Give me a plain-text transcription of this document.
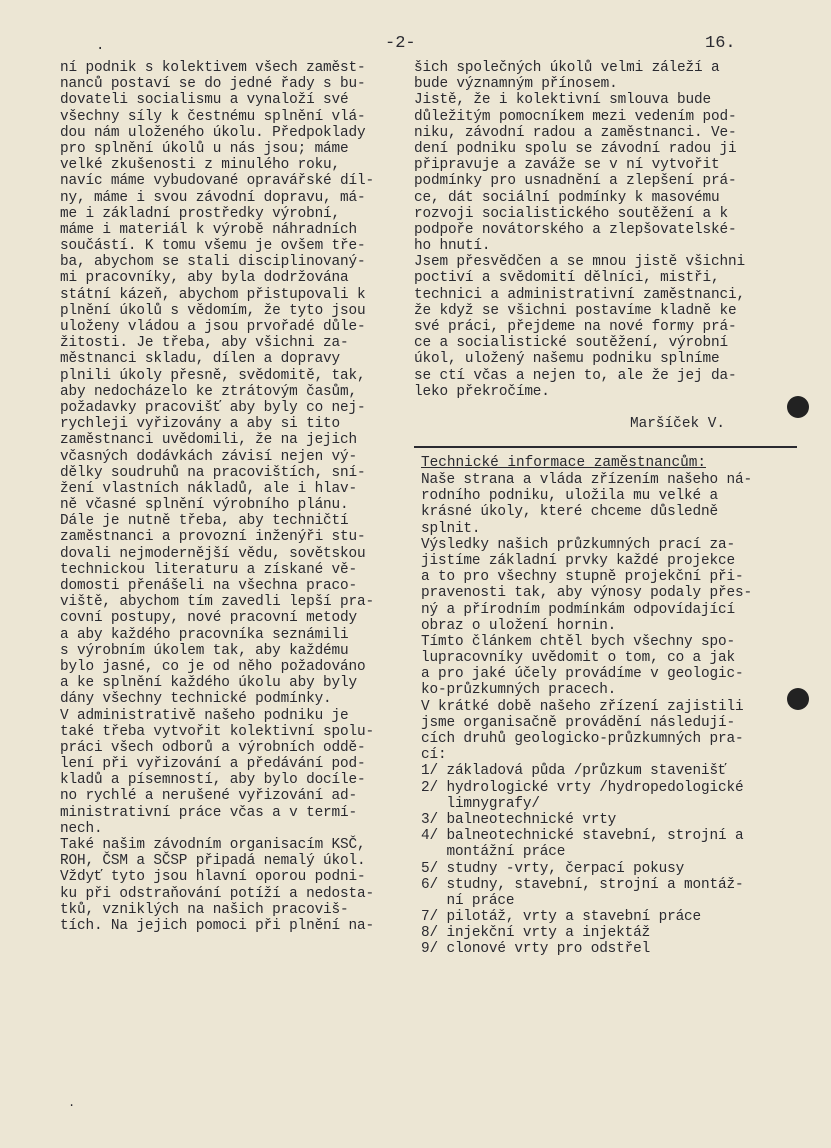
.	-2-	16.
ní podnik s kolektivem všech zaměst-
nanců postaví se do jedné řady s bu-
dovateli socialismu a vynaloží své
všechny síly k čestnému splnění vlá-
dou nám uloženého úkolu. Předpoklady
pro splnění úkolů u nás jsou; máme
velké zkušenosti z minulého roku,
navíc máme vybudované opravářské díl-
ny, máme i svou závodní dopravu, má-
me i základní prostředky výrobní,
máme i materiál k výrobě náhradních
součástí. K tomu všemu je ovšem tře-
ba, abychom se stali disciplinovaný-
mi pracovníky, aby byla dodržována
státní kázeň, abychom přistupovali k
plnění úkolů s vědomím, že tyto jsou
uloženy vládou a jsou prvořadé důle-
žitosti. Je třeba, aby všichni za-
městnanci skladu, dílen a dopravy
plnili úkoly přesně, svědomitě, tak,
aby nedocházelo ke ztrátovým časům,
požadavky pracovišť aby byly co nej-
rychleji vyřizovány a aby si tito
zaměstnanci uvědomili, že na jejich
včasných dodávkách závisí nejen vý-
dělky soudruhů na pracovištích, sní-
žení vlastních nákladů, ale i hlav-
ně včasné splnění výrobního plánu.
Dále je nutně třeba, aby techničtí
zaměstnanci a provozní inženýři stu-
dovali nejmodernější vědu, sovětskou
technickou literaturu a získané vě-
domosti přenášeli na všechna praco-
viště, abychom tím zavedli lepší pra-
covní postupy, nové pracovní metody
a aby každého pracovníka seznámili
s výrobním úkolem tak, aby každému
bylo jasné, co je od něho požadováno
a ke splnění každého úkolu aby byly
dány všechny technické podmínky.
V administrativě našeho podniku je
také třeba vytvořit kolektivní spolu-
práci všech odborů a výrobních oddě-
lení při vyřizování a předávání pod-
kladů a písemností, aby bylo docíle-
no rychlé a nerušené vyřizování ad-
ministrativní práce včas a v termí-
nech.
Také našim závodním organisacím KSČ,
ROH, ČSM a SČSP připadá nemalý úkol.
Vždyť tyto jsou hlavní oporou podni-
ku při odstraňování potíží a nedosta-
tků, vzniklých na našich pracoviš-
tích. Na jejich pomoci při plnění na-
šich společných úkolů velmi záleží a
bude významným přínosem.
Jistě, že i kolektivní smlouva bude
důležitým pomocníkem mezi vedením pod-
niku, závodní radou a zaměstnanci. Ve-
dení podniku spolu se závodní radou ji
připravuje a zaváže se v ní vytvořit
podmínky pro usnadnění a zlepšení prá-
ce, dát sociální podmínky k masovému
rozvoji socialistického soutěžení a k
podpoře novátorského a zlepšovatelské-
ho hnutí.
Jsem přesvědčen a se mnou jistě všichni
poctiví a svědomití dělníci, mistři,
technici a administrativní zaměstnanci,
že když se všichni postavíme kladně ke
své práci, přejdeme na nové formy prá-
ce a socialistické soutěžení, výrobní
úkol, uložený našemu podniku splníme
se ctí včas a nejen to, ale že jej da-
leko překročíme.
Maršíček V.
Technické informace zaměstnancům:
Naše strana a vláda zřízením našeho ná-
rodního podniku, uložila mu velké a
krásné úkoly, které chceme důsledně
splnit.
Výsledky našich průzkumných prací za-
jistíme základní prvky každé projekce
a to pro všechny stupně projekční při-
pravenosti tak, aby výnosy podaly přes-
ný a přírodním podmínkám odpovídající
obraz o uložení hornin.
Tímto článkem chtěl bych všechny spo-
lupracovníky uvědomit o tom, co a jak
a pro jaké účely provádíme v geologic-
ko-průzkumných pracech.
V krátké době našeho zřízení zajistili
jsme organisačně provádění následují-
cích druhů geologicko-průzkumných pra-
cí:
1/ základová půda /průzkum stavenišť
2/ hydrologické vrty /hydropedologické
limnygrafy/
3/ balneotechnické vrty
4/ balneotechnické stavební, strojní a
montážní práce
5/ studny -vrty, čerpací pokusy
6/ studny, stavební, strojní a montáž-
ní práce
7/ pilotáž, vrty a stavební práce
8/ injekční vrty a injektáž
9/ clonové vrty pro odstřel
.
